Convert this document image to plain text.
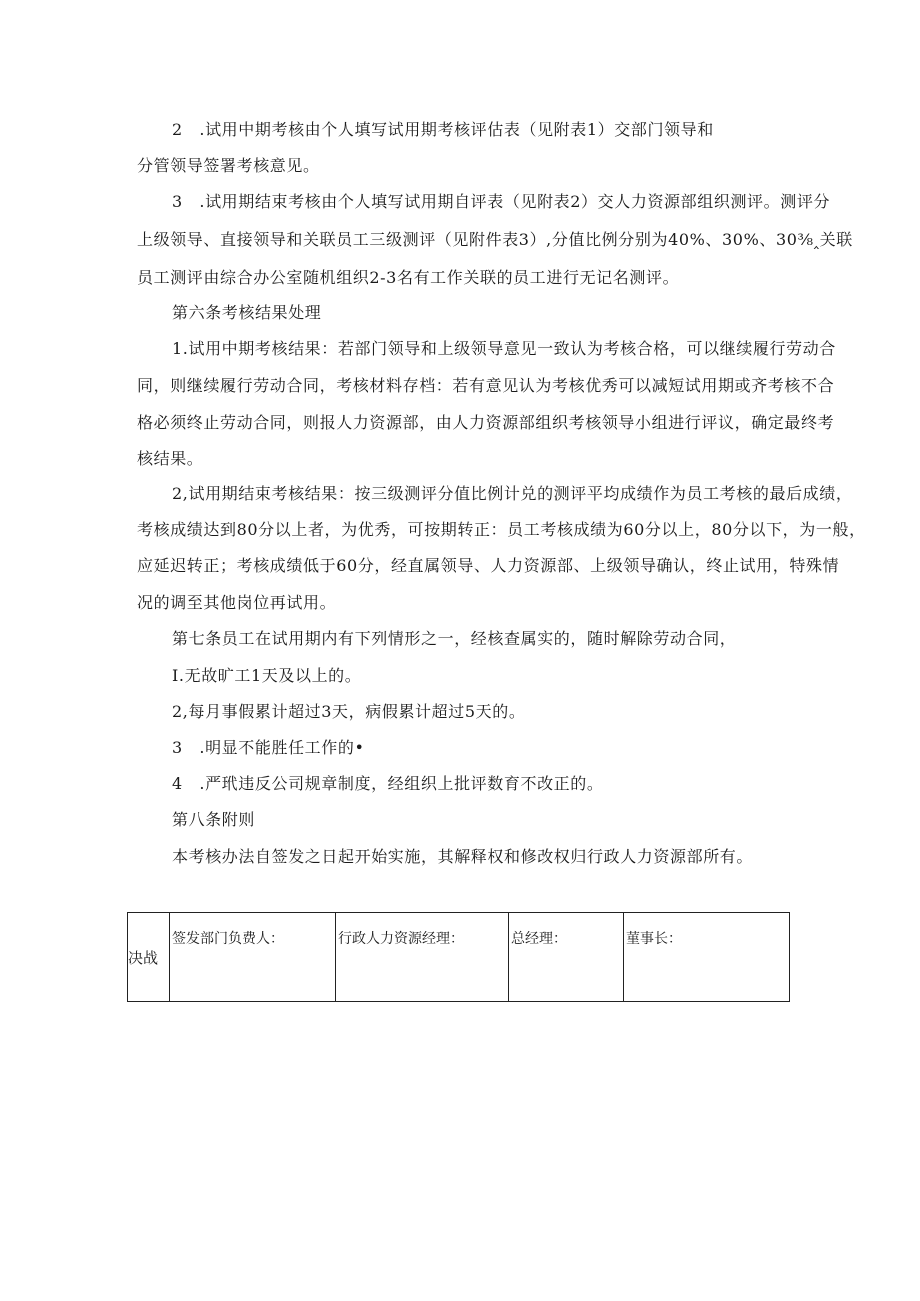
2　.试用中期考核由个人填写试用期考核评估表（见附表1）交部门领导和
分管领导签署考核意见。
3　.试用期结束考核由个人填写试用期自评表（见附表2）交人力资源部组织测评。测评分
上级领导、直接领导和关联员工三级测评（见附件表3）,分值比例分别为40%、30%、30⅜‸关联
员工测评由综合办公室随机组织2-3名有工作关联的员工进行无记名测评。
第六条考核结果处理
1.试用中期考核结果：若部门领导和上级领导意见一致认为考核合格，可以继续履行劳动合
同，则继续履行劳动合同，考核材料存档：若有意见认为考核优秀可以减短试用期或齐考核不合
格必须终止劳动合同，则报人力资源部，由人力资源部组织考核领导小组进行评议，确定最终考
核结果。
2,试用期结束考核结果：按三级测评分值比例计兑的测评平均成绩作为员工考核的最后成绩，
考核成绩达到80分以上者，为优秀，可按期转正：员工考核成绩为60分以上，80分以下，为一般，
应延迟转正；考核成绩低于60分，经直属领导、人力资源部、上级领导确认，终止试用，特殊情
况的调至其他岗位再试用。
第七条员工在试用期内有下列情形之一，经核查属实的，随时解除劳动合同，
I.无故旷工1天及以上的。
2,每月事假累计超过3天，病假累计超过5天的。
3　.明显不能胜任工作的•
4　.严玳违反公司规章制度，经组织上批评数育不改正的。
第八条附则
本考核办法自签发之日起开始实施，其解释权和修改权归行政人力资源部所有。
决战	签发部门负费人：	行政人力资源经理：	总经理：	菫事长：
